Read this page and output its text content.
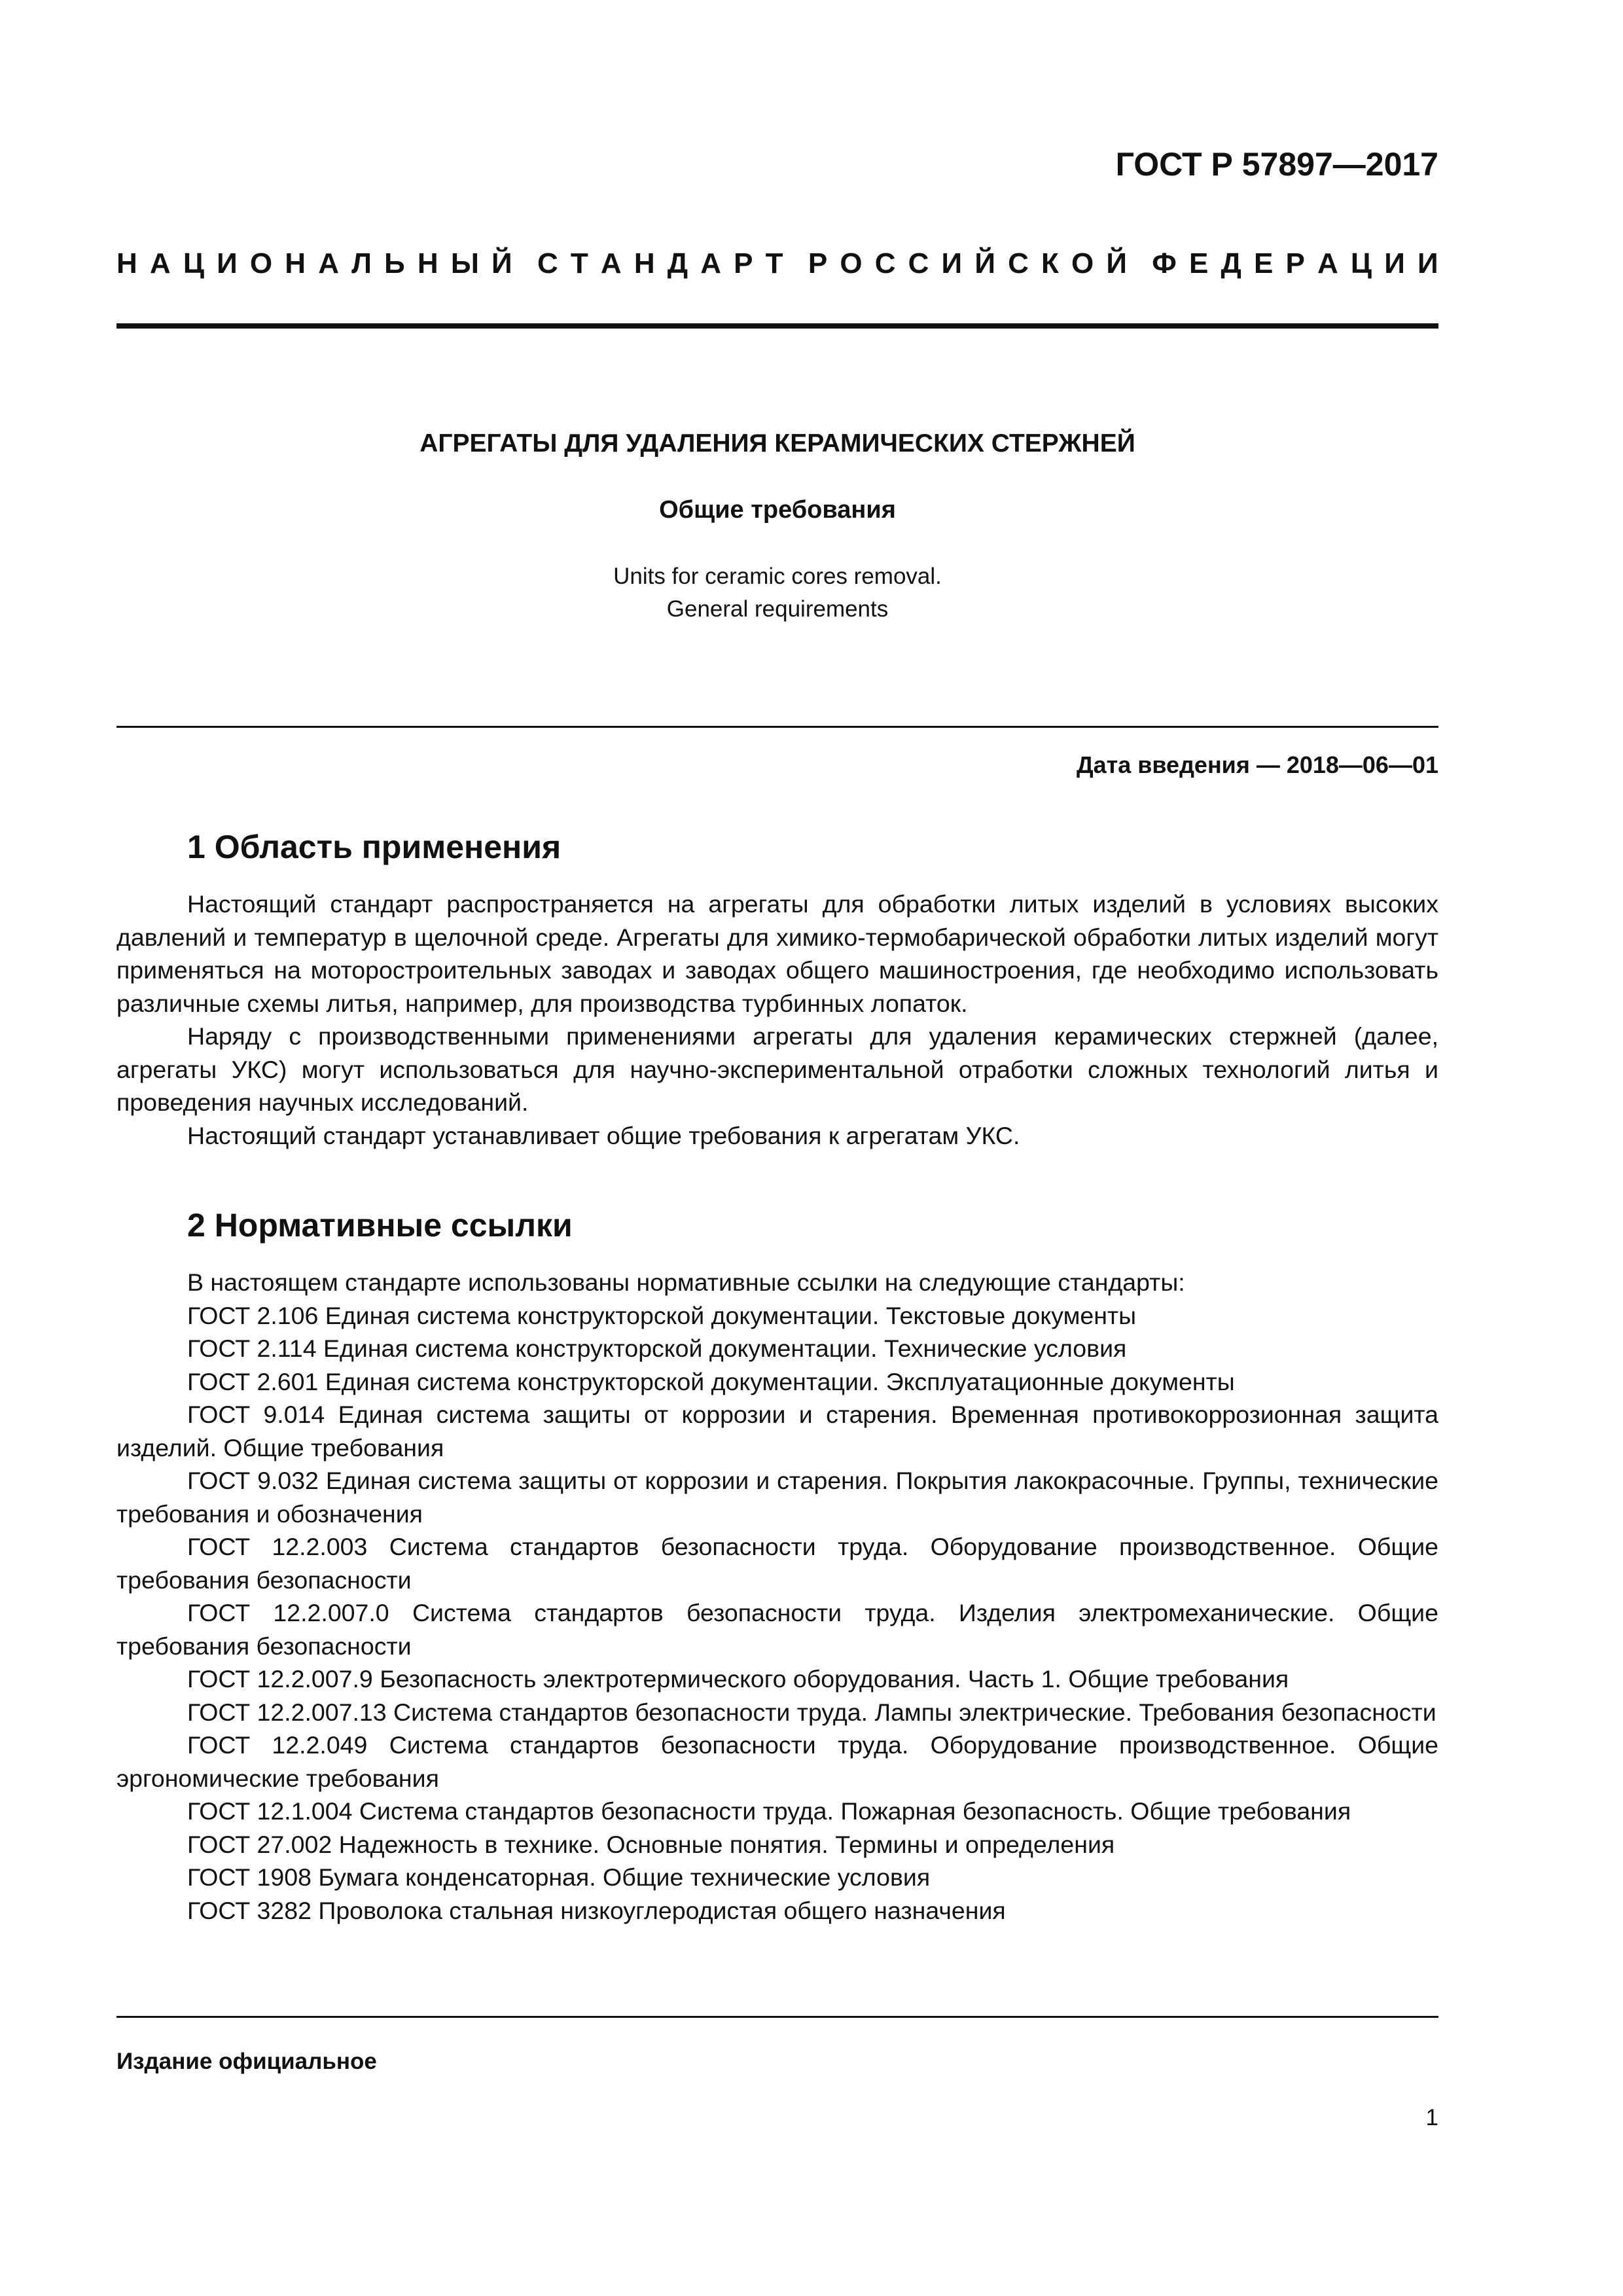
ГОСТ Р 57897—2017
Н А Ц И О Н А Л Ь Н Ы Й С Т А Н Д А Р Т Р О С С И Й С К О Й Ф Е Д Е Р А Ц И И
АГРЕГАТЫ ДЛЯ УДАЛЕНИЯ КЕРАМИЧЕСКИХ СТЕРЖНЕЙ
Общие требования
Units for ceramic cores removal.
General requirements
Дата введения — 2018—06—01
1 Область применения

Настоящий стандарт распространяется на агрегаты для обработки литых изделий в условиях высоких давлений и температур в щелочной среде. Агрегаты для химико-термобарической обработки литых изделий могут применяться на моторостроительных заводах и заводах общего машиностроения, где необходимо использовать различные схемы литья, например, для производства турбинных лопаток.

Наряду с производственными применениями агрегаты для удаления керамических стержней (далее, агрегаты УКС) могут использоваться для научно-экспериментальной отработки сложных технологий литья и проведения научных исследований.

Настоящий стандарт устанавливает общие требования к агрегатам УКС.

2 Нормативные ссылки

В настоящем стандарте использованы нормативные ссылки на следующие стандарты:

ГОСТ 2.106 Единая система конструкторской документации. Текстовые документы

ГОСТ 2.114 Единая система конструкторской документации. Технические условия

ГОСТ 2.601 Единая система конструкторской документации. Эксплуатационные документы

ГОСТ 9.014 Единая система защиты от коррозии и старения. Временная противокоррозионная защита изделий. Общие требования

ГОСТ 9.032 Единая система защиты от коррозии и старения. Покрытия лакокрасочные. Группы, технические требования и обозначения

ГОСТ 12.2.003 Система стандартов безопасности труда. Оборудование производственное. Общие требования безопасности

ГОСТ 12.2.007.0 Система стандартов безопасности труда. Изделия электромеханические. Общие требования безопасности

ГОСТ 12.2.007.9 Безопасность электротермического оборудования. Часть 1. Общие требования

ГОСТ 12.2.007.13 Система стандартов безопасности труда. Лампы электрические. Требования безопасности

ГОСТ 12.2.049 Система стандартов безопасности труда. Оборудование производственное. Общие эргономические требования

ГОСТ 12.1.004 Система стандартов безопасности труда. Пожарная безопасность. Общие требования

ГОСТ 27.002 Надежность в технике. Основные понятия. Термины и определения

ГОСТ 1908 Бумага конденсаторная. Общие технические условия

ГОСТ 3282 Проволока стальная низкоуглеродистая общего назначения

Издание официальное
1
